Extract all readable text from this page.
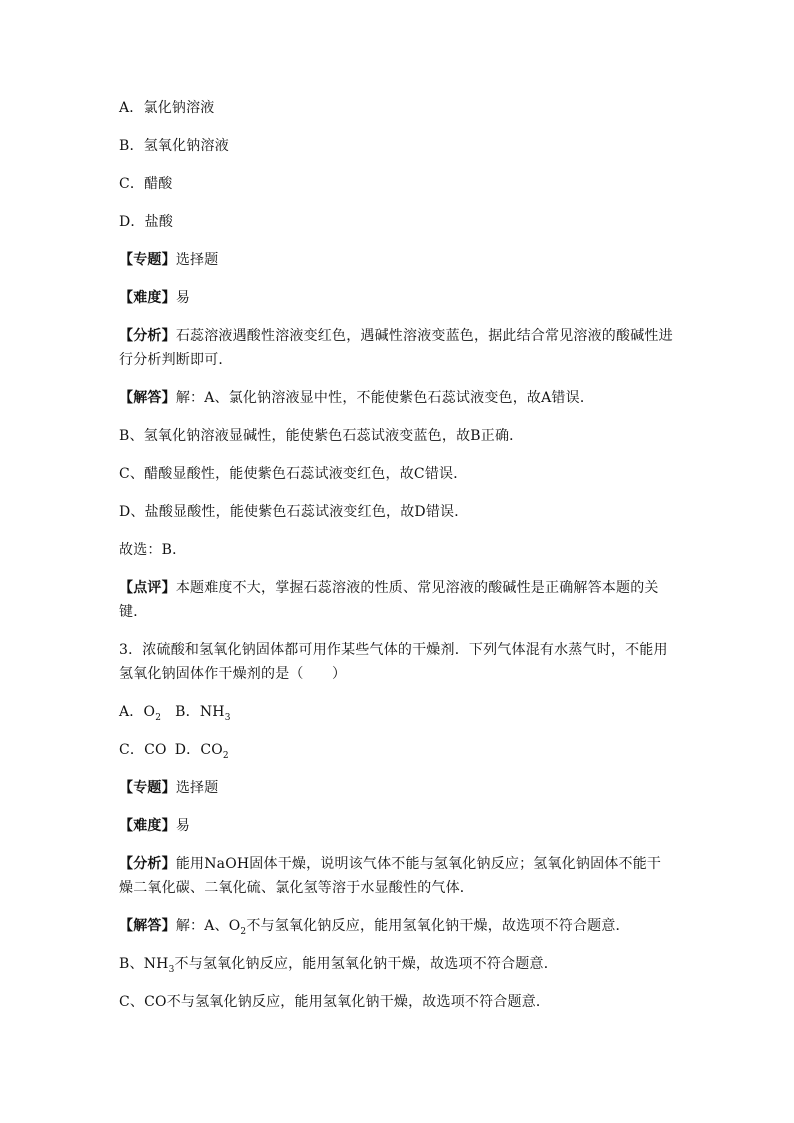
A．氯化钠溶液

B．氢氧化钠溶液

C．醋酸

D．盐酸

【专题】选择题

【难度】易

【分析】石蕊溶液遇酸性溶液变红色，遇碱性溶液变蓝色，据此结合常见溶液的酸碱性进行分析判断即可．

【解答】解：A、氯化钠溶液显中性，不能使紫色石蕊试液变色，故A错误．

B、氢氧化钠溶液显碱性，能使紫色石蕊试液变蓝色，故B正确．

C、醋酸显酸性，能使紫色石蕊试液变红色，故C错误．

D、盐酸显酸性，能使紫色石蕊试液变红色，故D错误．

故选：B．

【点评】本题难度不大，掌握石蕊溶液的性质、常见溶液的酸碱性是正确解答本题的关键．

3．浓硫酸和氢氧化钠固体都可用作某些气体的干燥剂．下列气体混有水蒸气时，不能用氢氧化钠固体作干燥剂的是（　　）

A．$O_2$ B．$NH_3$

C．CO D．$CO_2$

【专题】选择题

【难度】易

【分析】能用NaOH固体干燥，说明该气体不能与氢氧化钠反应；氢氧化钠固体不能干燥二氧化碳、二氧化硫、氯化氢等溶于水显酸性的气体．

【解答】解：A、$O_2$不与氢氧化钠反应，能用氢氧化钠干燥，故选项不符合题意．

B、$NH_3$不与氢氧化钠反应，能用氢氧化钠干燥，故选项不符合题意．

C、CO不与氢氧化钠反应，能用氢氧化钠干燥，故选项不符合题意．
